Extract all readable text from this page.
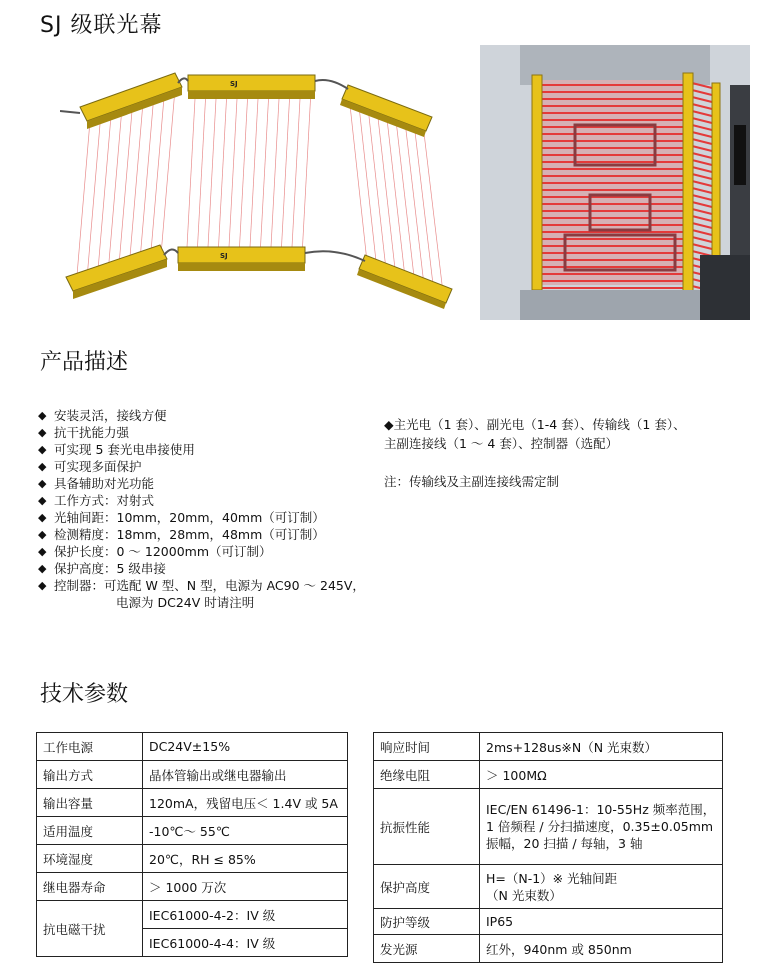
SJ 级联光幕
SJ
SJ
产品描述
◆ 安装灵活，接线方便
◆ 抗干扰能力强
◆ 可实现 5 套光电串接使用
◆ 可实现多面保护
◆ 具备辅助对光功能
◆ 工作方式：对射式
◆ 光轴间距：10mm，20mm，40mm（可订制）
◆ 检测精度：18mm，28mm，48mm（可订制）
◆ 保护长度：0 ～ 12000mm（可订制）
◆ 保护高度：5 级串接
◆ 控制器：可选配 W 型、N 型，电源为 AC90 ～ 245V，
电源为 DC24V 时请注明
◆主光电（1 套）、副光电（1-4 套）、传输线（1 套）、
主副连接线（1 ～ 4 套）、控制器（选配）
注：传输线及主副连接线需定制
技术参数
工作电源	DC24V±15%
输出方式	晶体管输出或继电器输出
输出容量	120mA，残留电压＜ 1.4V 或 5A
适用温度	-10℃～ 55℃
环境湿度	20℃，RH ≤ 85%
继电器寿命	＞ 1000 万次
抗电磁干扰	IEC61000-4-2：IV 级
	IEC61000-4-4：IV 级
响应时间	2ms+128us※N（N 光束数）
绝缘电阻	＞ 100MΩ
抗振性能	IEC/EN 61496-1：10-55Hz 频率范围，
1 倍频程 / 分扫描速度，0.35±0.05mm
振幅，20 扫描 / 每轴，3 轴

保护高度	H=（N-1）※ 光轴间距
（N 光束数）

防护等级	IP65
发光源	红外，940nm 或 850nm
